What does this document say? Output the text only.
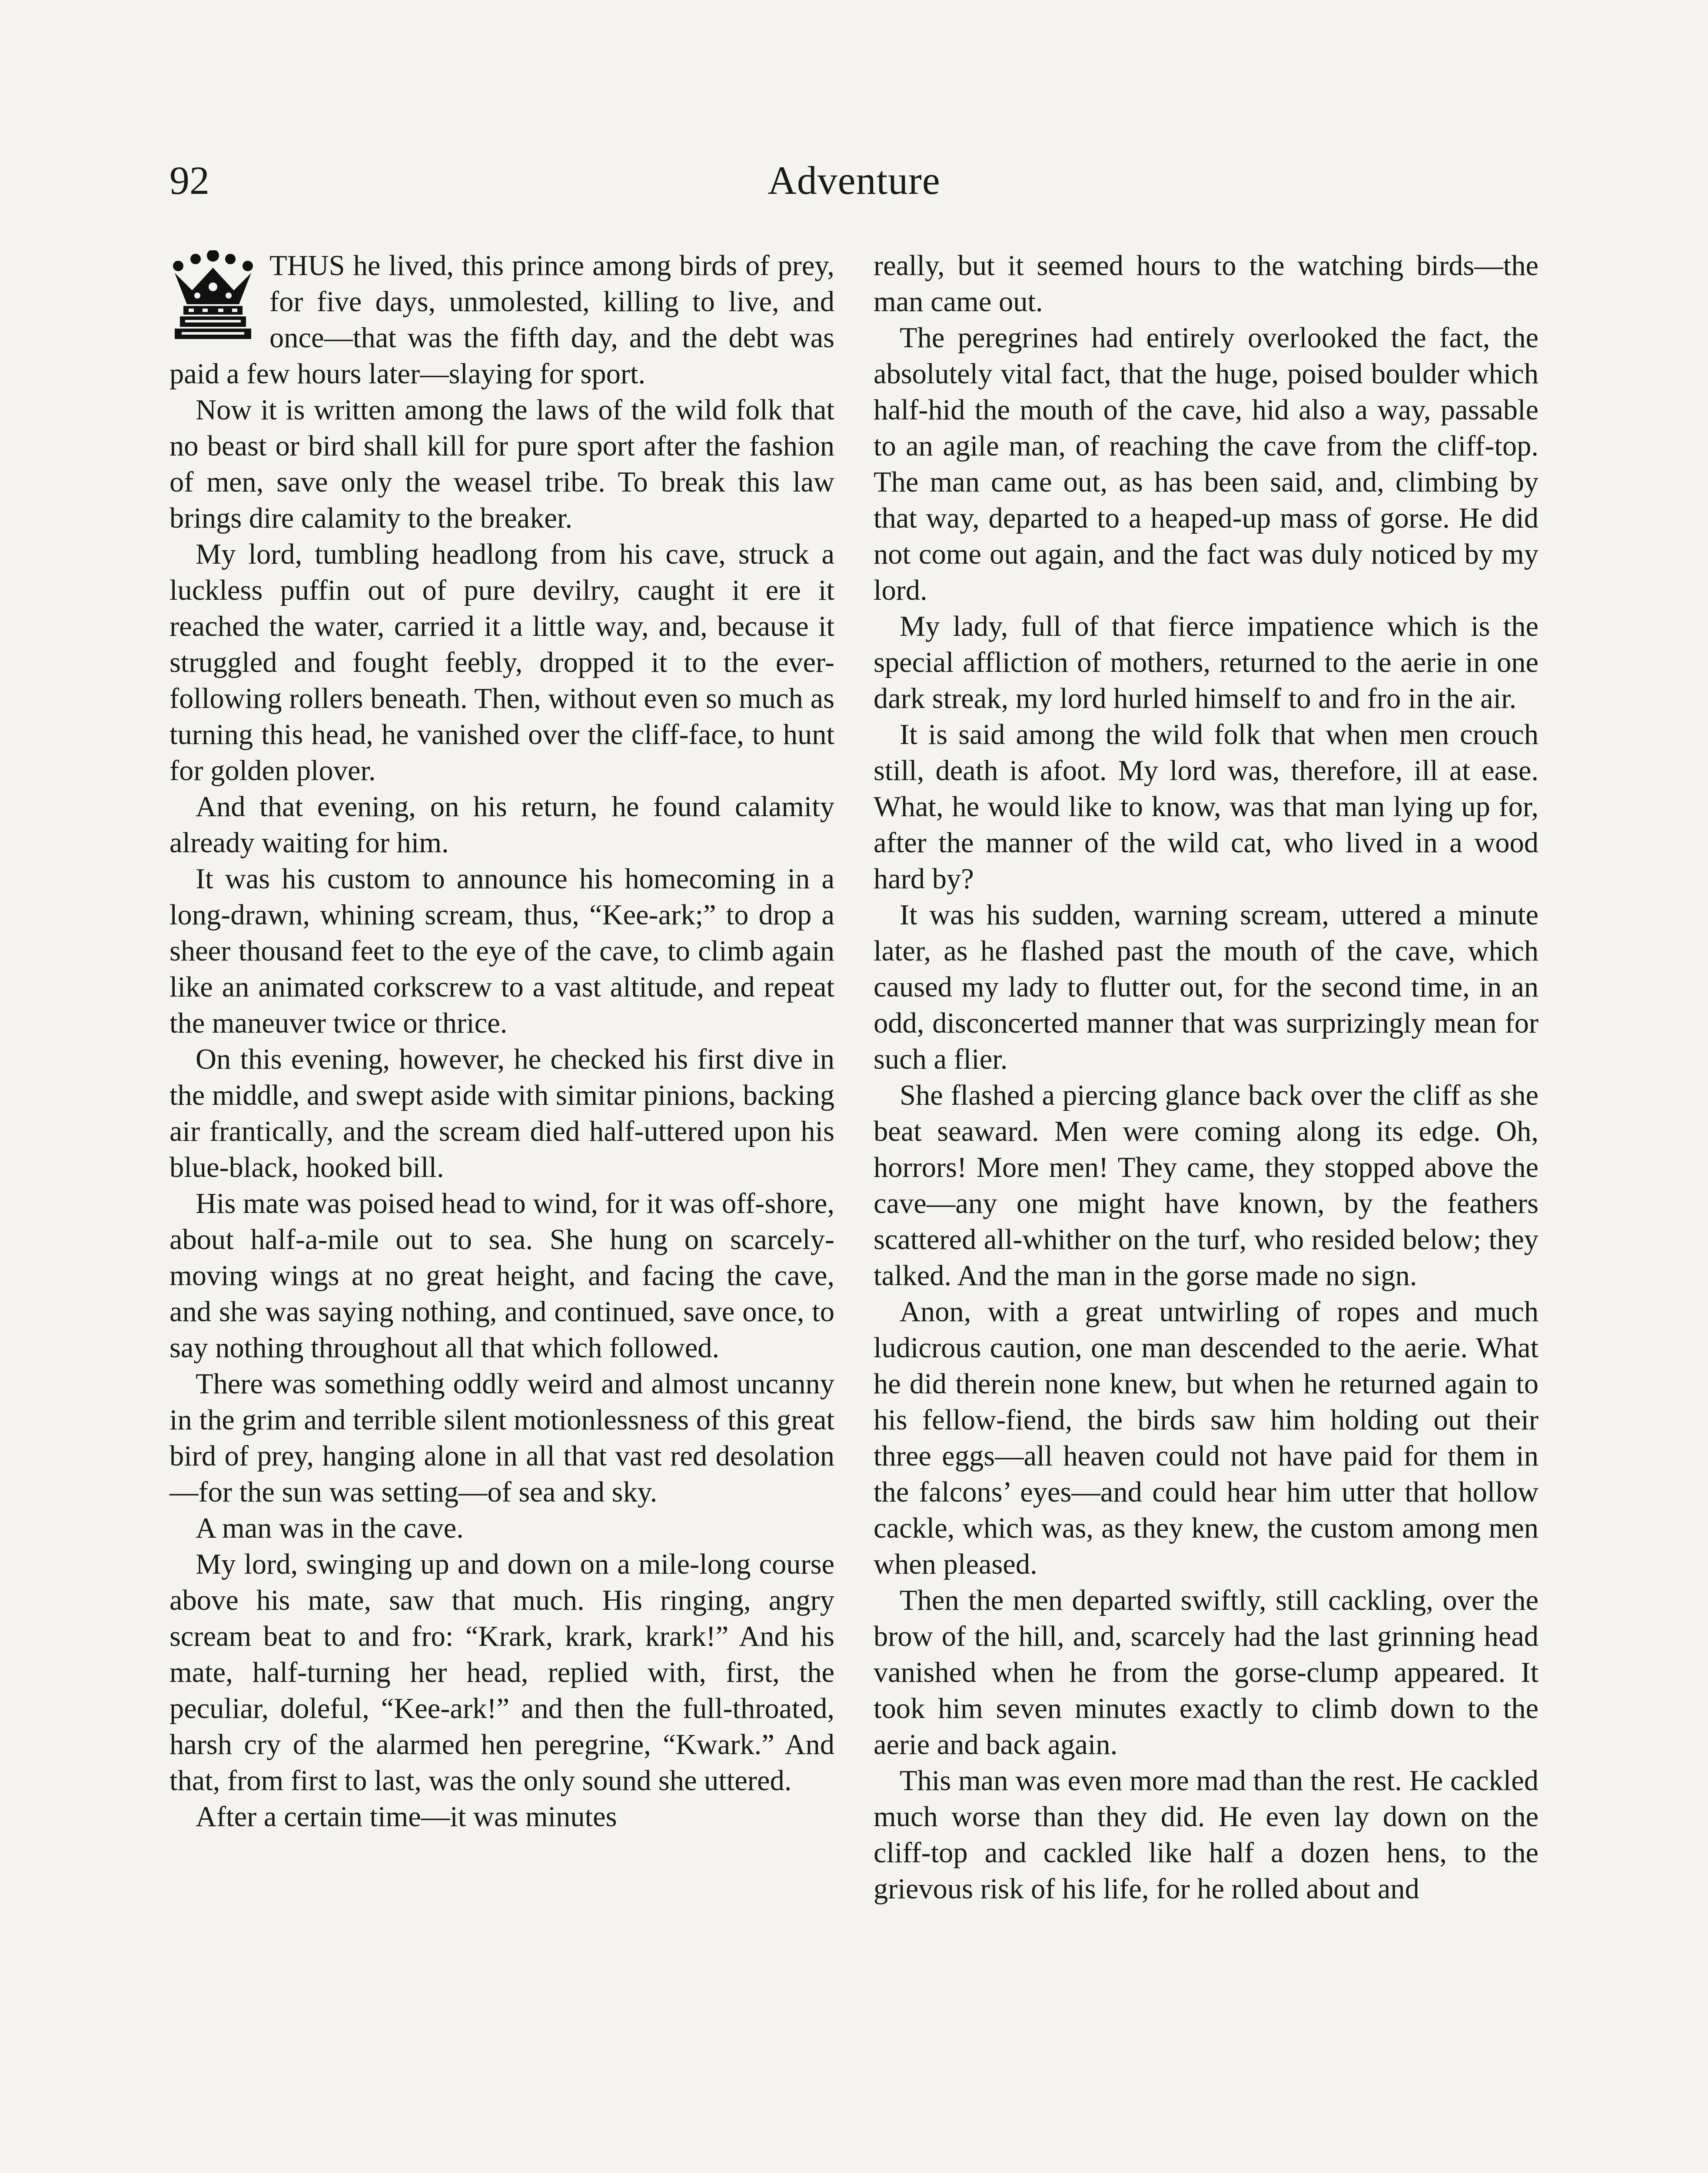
92	Adventure

THUS he lived, this prince among birds of prey, for five days, unmolested, killing to live, and once—that was the fifth day, and the debt was paid a few hours later—slaying for sport.

Now it is written among the laws of the wild folk that no beast or bird shall kill for pure sport after the fashion of men, save only the weasel tribe. To break this law brings dire calamity to the breaker.

My lord, tumbling headlong from his cave, struck a luckless puffin out of pure devilry, caught it ere it reached the water, carried it a little way, and, because it struggled and fought feebly, dropped it to the ever-following rollers beneath. Then, without even so much as turning this head, he vanished over the cliff-face, to hunt for golden plover.

And that evening, on his return, he found calamity already waiting for him.

It was his custom to announce his homecoming in a long-drawn, whining scream, thus, “Kee-ark;” to drop a sheer thousand feet to the eye of the cave, to climb again like an animated corkscrew to a vast altitude, and repeat the maneuver twice or thrice.

On this evening, however, he checked his first dive in the middle, and swept aside with simitar pinions, backing air frantically, and the scream died half-uttered upon his blue-black, hooked bill.

His mate was poised head to wind, for it was off-shore, about half-a-mile out to sea. She hung on scarcely-moving wings at no great height, and facing the cave, and she was saying nothing, and continued, save once, to say nothing throughout all that which followed.

There was something oddly weird and almost uncanny in the grim and terrible silent motionlessness of this great bird of prey, hanging alone in all that vast red desolation—for the sun was setting—of sea and sky.

A man was in the cave.

My lord, swinging up and down on a mile-long course above his mate, saw that much. His ringing, angry scream beat to and fro: “Krark, krark, krark!” And his mate, half-turning her head, replied with, first, the peculiar, doleful, “Kee-ark!” and then the full-throated, harsh cry of the alarmed hen peregrine, “Kwark.” And that, from first to last, was the only sound she uttered.

After a certain time—it was minutes

really, but it seemed hours to the watching birds—the man came out.

The peregrines had entirely overlooked the fact, the absolutely vital fact, that the huge, poised boulder which half-hid the mouth of the cave, hid also a way, passable to an agile man, of reaching the cave from the cliff-top. The man came out, as has been said, and, climbing by that way, departed to a heaped-up mass of gorse. He did not come out again, and the fact was duly noticed by my lord.

My lady, full of that fierce impatience which is the special affliction of mothers, returned to the aerie in one dark streak, my lord hurled himself to and fro in the air.

It is said among the wild folk that when men crouch still, death is afoot. My lord was, therefore, ill at ease. What, he would like to know, was that man lying up for, after the manner of the wild cat, who lived in a wood hard by?

It was his sudden, warning scream, uttered a minute later, as he flashed past the mouth of the cave, which caused my lady to flutter out, for the second time, in an odd, disconcerted manner that was surprizingly mean for such a flier.

She flashed a piercing glance back over the cliff as she beat seaward. Men were coming along its edge. Oh, horrors! More men! They came, they stopped above the cave—any one might have known, by the feathers scattered all-whither on the turf, who resided below; they talked. And the man in the gorse made no sign.

Anon, with a great untwirling of ropes and much ludicrous caution, one man descended to the aerie. What he did therein none knew, but when he returned again to his fellow-fiend, the birds saw him holding out their three eggs—all heaven could not have paid for them in the falcons’ eyes—and could hear him utter that hollow cackle, which was, as they knew, the custom among men when pleased.

Then the men departed swiftly, still cackling, over the brow of the hill, and, scarcely had the last grinning head vanished when he from the gorse-clump appeared. It took him seven minutes exactly to climb down to the aerie and back again.

This man was even more mad than the rest. He cackled much worse than they did. He even lay down on the cliff-top and cackled like half a dozen hens, to the grievous risk of his life, for he rolled about and
